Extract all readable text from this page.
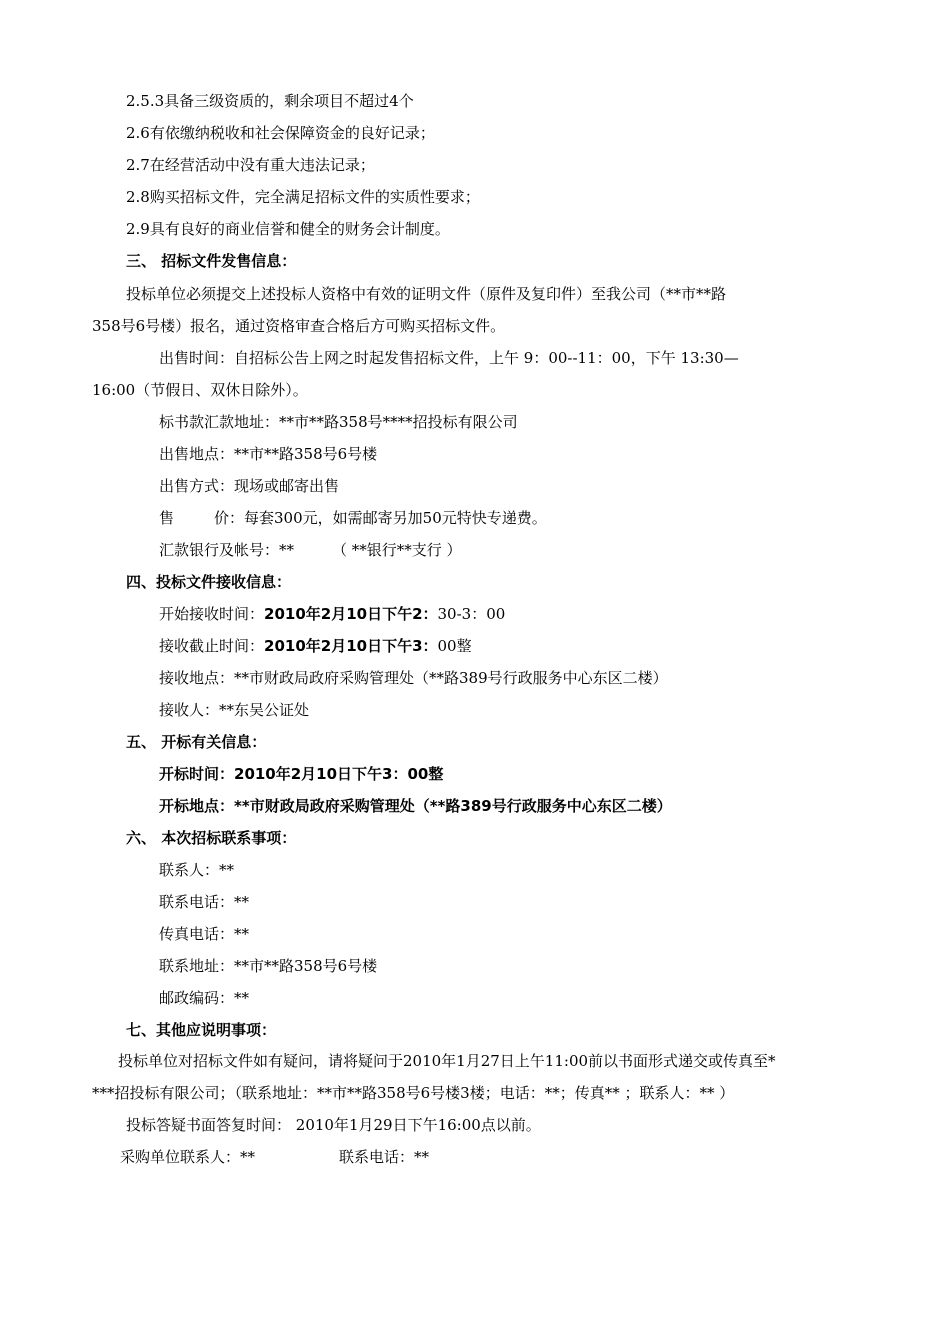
2.5.3具备三级资质的，剩余项目不超过4个
2.6有依缴纳税收和社会保障资金的良好记录；
2.7在经营活动中没有重大违法记录；
2.8购买招标文件，完全满足招标文件的实质性要求；
2.9具有良好的商业信誉和健全的财务会计制度。
三、 招标文件发售信息：
投标单位必须提交上述投标人资格中有效的证明文件（原件及复印件）至我公司（**市**路
358号6号楼）报名，通过资格审查合格后方可购买招标文件。
出售时间：自招标公告上网之时起发售招标文件，上午 9：00--11：00，下午 13:30—
16:00（节假日、双休日除外）。
标书款汇款地址：**市**路358号****招投标有限公司
出售地点：**市**路358号6号楼
出售方式：现场或邮寄出售
售	价：每套300元，如需邮寄另加50元特快专递费。
汇款银行及帐号：**	（ **银行**支行 ）
四、投标文件接收信息：
开始接收时间：2010年2月10日下午2：30-3：00
接收截止时间：2010年2月10日下午3：00整
接收地点：**市财政局政府采购管理处（**路389号行政服务中心东区二楼）
接收人：**东吴公证处
五、 开标有关信息：
开标时间：2010年2月10日下午3：00整
开标地点：**市财政局政府采购管理处（**路389号行政服务中心东区二楼）
六、 本次招标联系事项：
联系人：**
联系电话：**
传真电话：**
联系地址：**市**路358号6号楼
邮政编码：**
七、其他应说明事项：
投标单位对招标文件如有疑问，请将疑问于2010年1月27日上午11:00前以书面形式递交或传真至*
***招投标有限公司；（联系地址：**市**路358号6号楼3楼；电话：**；传真** ；联系人：** ）
投标答疑书面答复时间： 2010年1月29日下午16:00点以前。
采购单位联系人：**	联系电话：**
